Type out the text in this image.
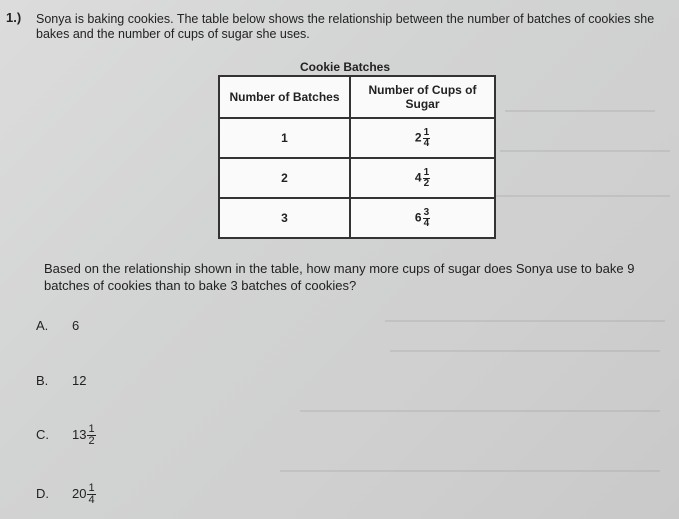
1.) Sonya is baking cookies. The table below shows the relationship between the number of batches of cookies she bakes and the number of cups of sugar she uses.
Cookie Batches
Number of Batches	Number of Cups of Sugar
1	$2 \frac{1}{4}$

2	$4 \frac{1}{2}$

3	$6 \frac{3}{4}$
Based on the relationship shown in the table, how many more cups of sugar does Sonya use to bake 9 batches of cookies than to bake 3 batches of cookies?
A. 6
B. 12
C. $13 \frac{1}{2}$
D. $20 \frac{1}{4}$
